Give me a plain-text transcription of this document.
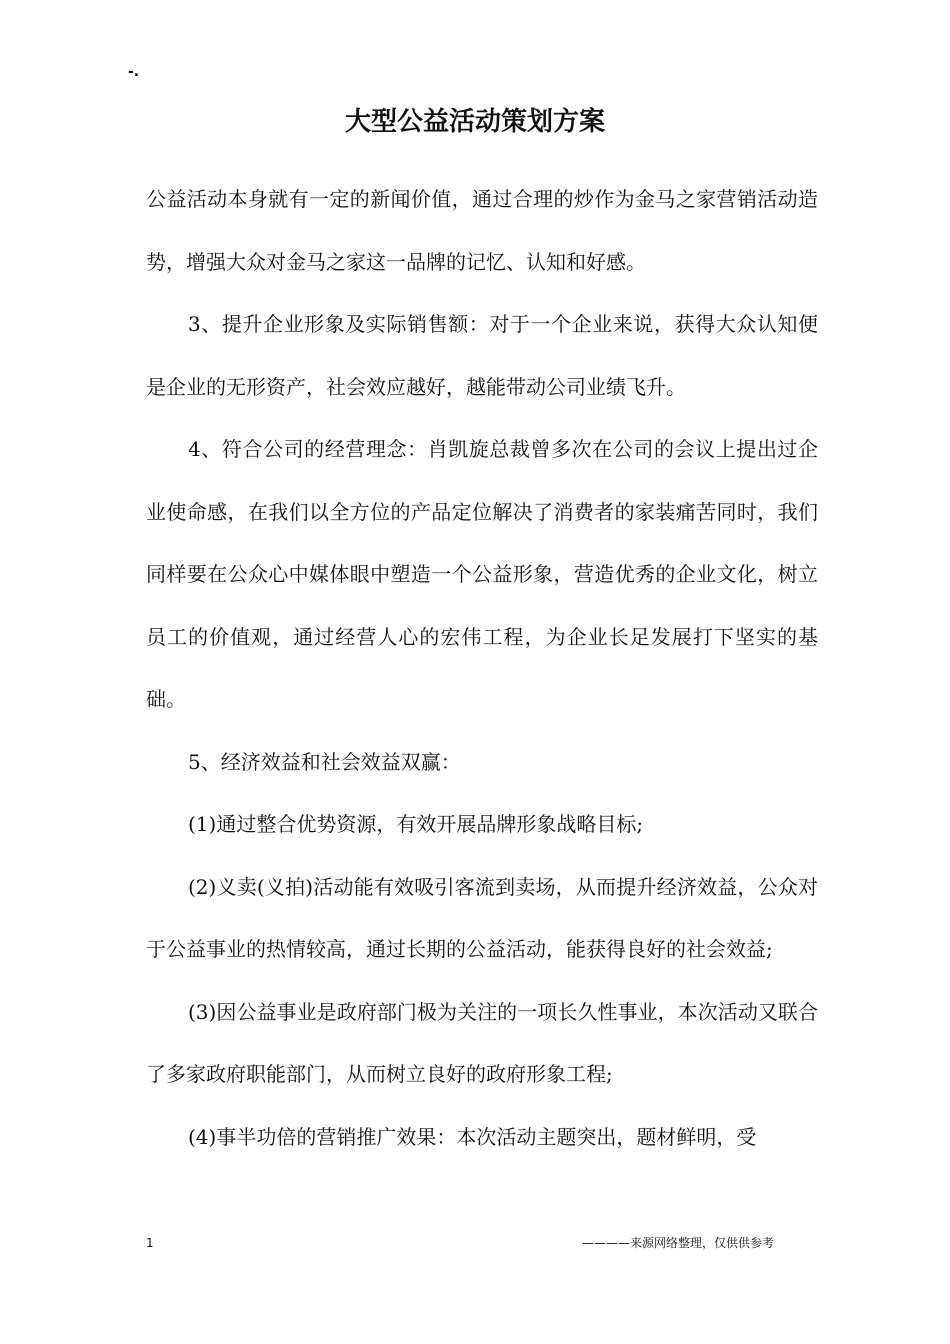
-.

大型公益活动策划方案

公益活动本身就有一定的新闻价值，通过合理的炒作为金马之家营销活动造势，增强大众对金马之家这一品牌的记忆、认知和好感。

3、提升企业形象及实际销售额：对于一个企业来说，获得大众认知便是企业的无形资产，社会效应越好，越能带动公司业绩飞升。

4、符合公司的经营理念：肖凯旋总裁曾多次在公司的会议上提出过企业使命感，在我们以全方位的产品定位解决了消费者的家装痛苦同时，我们同样要在公众心中媒体眼中塑造一个公益形象，营造优秀的企业文化，树立员工的价值观，通过经营人心的宏伟工程，为企业长足发展打下坚实的基础。

5、经济效益和社会效益双赢：

(1)通过整合优势资源，有效开展品牌形象战略目标;

(2)义卖(义拍)活动能有效吸引客流到卖场，从而提升经济效益，公众对于公益事业的热情较高，通过长期的公益活动，能获得良好的社会效益;

(3)因公益事业是政府部门极为关注的一项长久性事业，本次活动又联合了多家政府职能部门，从而树立良好的政府形象工程;

(4)事半功倍的营销推广效果：本次活动主题突出，题材鲜明，受

1	————来源网络整理，仅供供参考
